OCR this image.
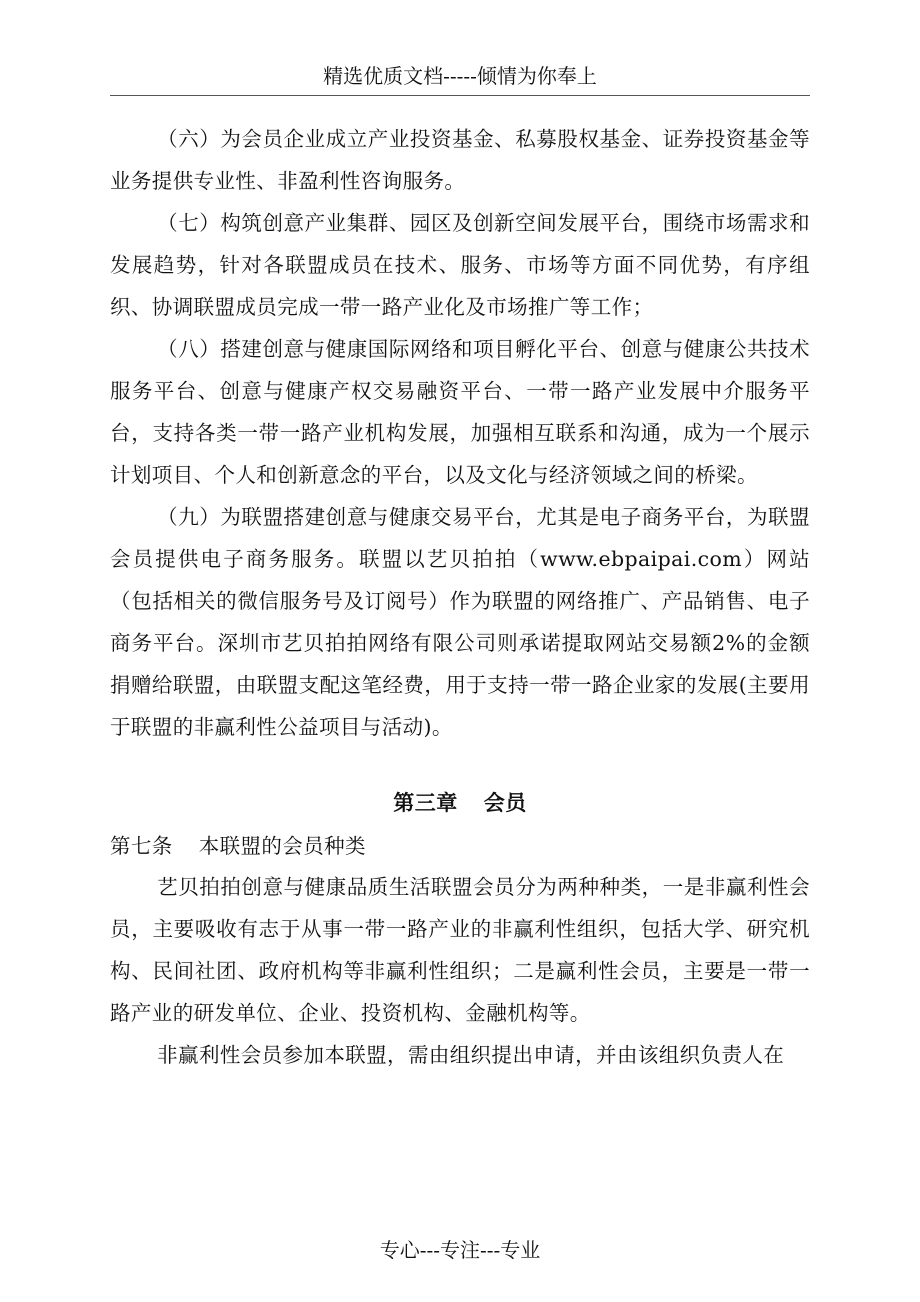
精选优质文档-----倾情为你奉上

（六）为会员企业成立产业投资基金、私募股权基金、证券投资基金等业务提供专业性、非盈利性咨询服务。

（七）构筑创意产业集群、园区及创新空间发展平台，围绕市场需求和发展趋势，针对各联盟成员在技术、服务、市场等方面不同优势，有序组织、协调联盟成员完成一带一路产业化及市场推广等工作；

（八）搭建创意与健康国际网络和项目孵化平台、创意与健康公共技术服务平台、创意与健康产权交易融资平台、一带一路产业发展中介服务平台，支持各类一带一路产业机构发展，加强相互联系和沟通，成为一个展示计划项目、个人和创新意念的平台，以及文化与经济领域之间的桥梁。

（九）为联盟搭建创意与健康交易平台，尤其是电子商务平台，为联盟会员提供电子商务服务。联盟以艺贝拍拍（www.ebpaipai.com）网站（包括相关的微信服务号及订阅号）作为联盟的网络推广、产品销售、电子商务平台。深圳市艺贝拍拍网络有限公司则承诺提取网站交易额2%的金额捐赠给联盟，由联盟支配这笔经费，用于支持一带一路企业家的发展(主要用于联盟的非赢利性公益项目与活动)。

第三章 会员
第七条 本联盟的会员种类

艺贝拍拍创意与健康品质生活联盟会员分为两种种类，一是非赢利性会员，主要吸收有志于从事一带一路产业的非赢利性组织，包括大学、研究机构、民间社团、政府机构等非赢利性组织；二是赢利性会员，主要是一带一路产业的研发单位、企业、投资机构、金融机构等。

非赢利性会员参加本联盟，需由组织提出申请，并由该组织负责人在

专心---专注---专业
